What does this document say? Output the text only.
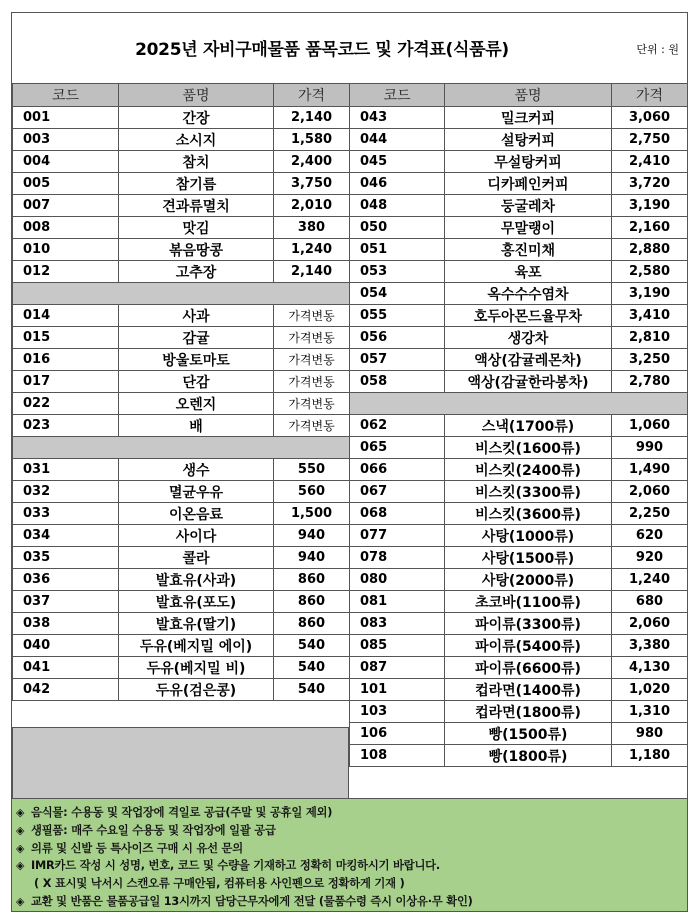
2025년 자비구매물품 품목코드 및 가격표(식품류)	단위 : 원
코드	품명	가격
001	간장	2,140
003	소시지	1,580
004	참치	2,400
005	참기름	3,750
007	견과류멸치	2,010
008	맛김	380
010	볶음땅콩	1,240
012	고추장	2,140

014	사과	가격변동
015	감귤	가격변동
016	방울토마토	가격변동
017	단감	가격변동
022	오렌지	가격변동
023	배	가격변동

031	생수	550
032	멸균우유	560
033	이온음료	1,500
034	사이다	940
035	콜라	940
036	발효유(사과)	860
037	발효유(포도)	860
038	발효유(딸기)	860
040	두유(베지밀 에이)	540
041	두유(베지밀 비)	540
042	두유(검은콩)	540
코드	품명	가격
043	밀크커피	3,060
044	설탕커피	2,750
045	무설탕커피	2,410
046	디카페인커피	3,720
048	둥굴레차	3,190
050	무말랭이	2,160
051	홍진미채	2,880
053	육포	2,580
054	옥수수수염차	3,190
055	호두아몬드율무차	3,410
056	생강차	2,810
057	액상(감귤레몬차)	3,250
058	액상(감귤한라봉차)	2,780

062	스낵(1700류)	1,060
065	비스킷(1600류)	990
066	비스킷(2400류)	1,490
067	비스킷(3300류)	2,060
068	비스킷(3600류)	2,250
077	사탕(1000류)	620
078	사탕(1500류)	920
080	사탕(2000류)	1,240
081	초코바(1100류)	680
083	파이류(3300류)	2,060
085	파이류(5400류)	3,380
087	파이류(6600류)	4,130
101	컵라면(1400류)	1,020
103	컵라면(1800류)	1,310
106	빵(1500류)	980
108	빵(1800류)	1,180
◈ 음식물: 수용동 및 작업장에 격일로 공급(주말 및 공휴일 제외)
◈ 생필품: 매주 수요일 수용동 및 작업장에 일괄 공급
◈ 의류 및 신발 등 특사이즈 구매 시 유선 문의
◈ IMR카드 작성 시 성명, 번호, 코드 및 수량을 기재하고 정확히 마킹하시기 바랍니다.
( X 표시및 낙서시 스캔오류 구매안됨, 컴퓨터용 사인펜으로 정확하게 기재 )
◈ 교환 및 반품은 물품공급일 13시까지 담당근무자에게 전달 (물품수령 즉시 이상유·무 확인)
